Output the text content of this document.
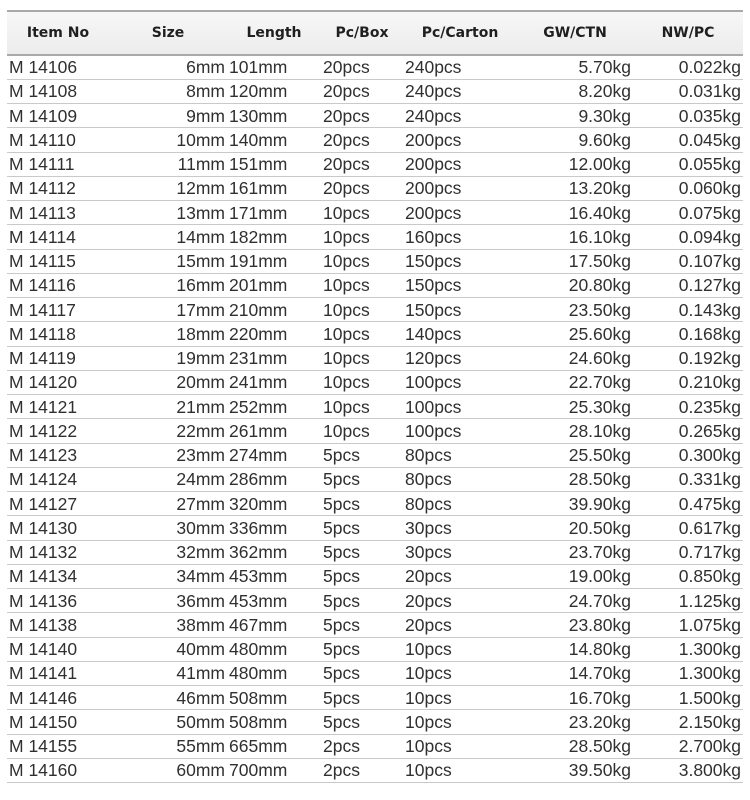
Item No	Size	Length	Pc/Box	Pc/Carton	GW/CTN	NW/PC
M 14106	6mm	101mm	20pcs	240pcs	5.70kg	0.022kg
M 14108	8mm	120mm	20pcs	240pcs	8.20kg	0.031kg
M 14109	9mm	130mm	20pcs	240pcs	9.30kg	0.035kg
M 14110	10mm	140mm	20pcs	200pcs	9.60kg	0.045kg
M 14111	11mm	151mm	20pcs	200pcs	12.00kg	0.055kg
M 14112	12mm	161mm	20pcs	200pcs	13.20kg	0.060kg
M 14113	13mm	171mm	10pcs	200pcs	16.40kg	0.075kg
M 14114	14mm	182mm	10pcs	160pcs	16.10kg	0.094kg
M 14115	15mm	191mm	10pcs	150pcs	17.50kg	0.107kg
M 14116	16mm	201mm	10pcs	150pcs	20.80kg	0.127kg
M 14117	17mm	210mm	10pcs	150pcs	23.50kg	0.143kg
M 14118	18mm	220mm	10pcs	140pcs	25.60kg	0.168kg
M 14119	19mm	231mm	10pcs	120pcs	24.60kg	0.192kg
M 14120	20mm	241mm	10pcs	100pcs	22.70kg	0.210kg
M 14121	21mm	252mm	10pcs	100pcs	25.30kg	0.235kg
M 14122	22mm	261mm	10pcs	100pcs	28.10kg	0.265kg
M 14123	23mm	274mm	5pcs	80pcs	25.50kg	0.300kg
M 14124	24mm	286mm	5pcs	80pcs	28.50kg	0.331kg
M 14127	27mm	320mm	5pcs	80pcs	39.90kg	0.475kg
M 14130	30mm	336mm	5pcs	30pcs	20.50kg	0.617kg
M 14132	32mm	362mm	5pcs	30pcs	23.70kg	0.717kg
M 14134	34mm	453mm	5pcs	20pcs	19.00kg	0.850kg
M 14136	36mm	453mm	5pcs	20pcs	24.70kg	1.125kg
M 14138	38mm	467mm	5pcs	20pcs	23.80kg	1.075kg
M 14140	40mm	480mm	5pcs	10pcs	14.80kg	1.300kg
M 14141	41mm	480mm	5pcs	10pcs	14.70kg	1.300kg
M 14146	46mm	508mm	5pcs	10pcs	16.70kg	1.500kg
M 14150	50mm	508mm	5pcs	10pcs	23.20kg	2.150kg
M 14155	55mm	665mm	2pcs	10pcs	28.50kg	2.700kg
M 14160	60mm	700mm	2pcs	10pcs	39.50kg	3.800kg
